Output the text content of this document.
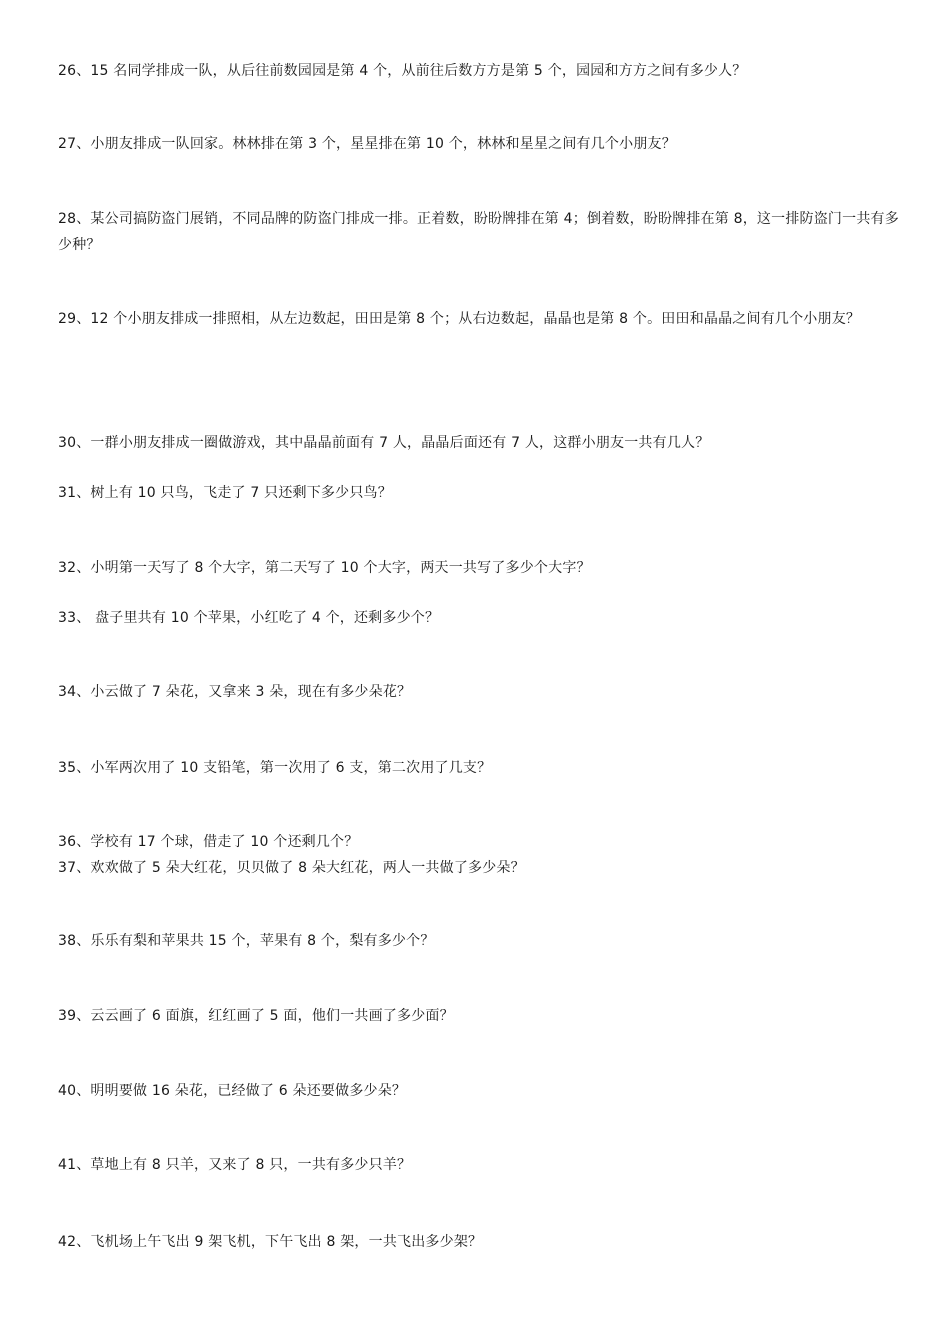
26、15 名同学排成一队，从后往前数园园是第 4 个，从前往后数方方是第 5 个，园园和方方之间有多少人？

27、小朋友排成一队回家。林林排在第 3 个，星星排在第 10 个，林林和星星之间有几个小朋友？

28、某公司搞防盗门展销，不同品牌的防盗门排成一排。正着数，盼盼牌排在第 4；倒着数，盼盼牌排在第 8，这一排防盗门一共有多少种？

29、12 个小朋友排成一排照相，从左边数起，田田是第 8 个；从右边数起，晶晶也是第 8 个。田田和晶晶之间有几个小朋友？

30、一群小朋友排成一圈做游戏，其中晶晶前面有 7 人，晶晶后面还有 7 人，这群小朋友一共有几人？

31、树上有 10 只鸟，飞走了 7 只还剩下多少只鸟？

32、小明第一天写了 8 个大字，第二天写了 10 个大字，两天一共写了多少个大字？

33、 盘子里共有 10 个苹果，小红吃了 4 个，还剩多少个？

34、小云做了 7 朵花，又拿来 3 朵，现在有多少朵花？

35、小军两次用了 10 支铅笔，第一次用了 6 支，第二次用了几支？

36、学校有 17 个球，借走了 10 个还剩几个？

37、欢欢做了 5 朵大红花，贝贝做了 8 朵大红花，两人一共做了多少朵？

38、乐乐有梨和苹果共 15 个，苹果有 8 个，梨有多少个？

39、云云画了 6 面旗，红红画了 5 面，他们一共画了多少面？

40、明明要做 16 朵花，已经做了 6 朵还要做多少朵？

41、草地上有 8 只羊，又来了 8 只，一共有多少只羊？

42、飞机场上午飞出 9 架飞机，下午飞出 8 架，一共飞出多少架？
